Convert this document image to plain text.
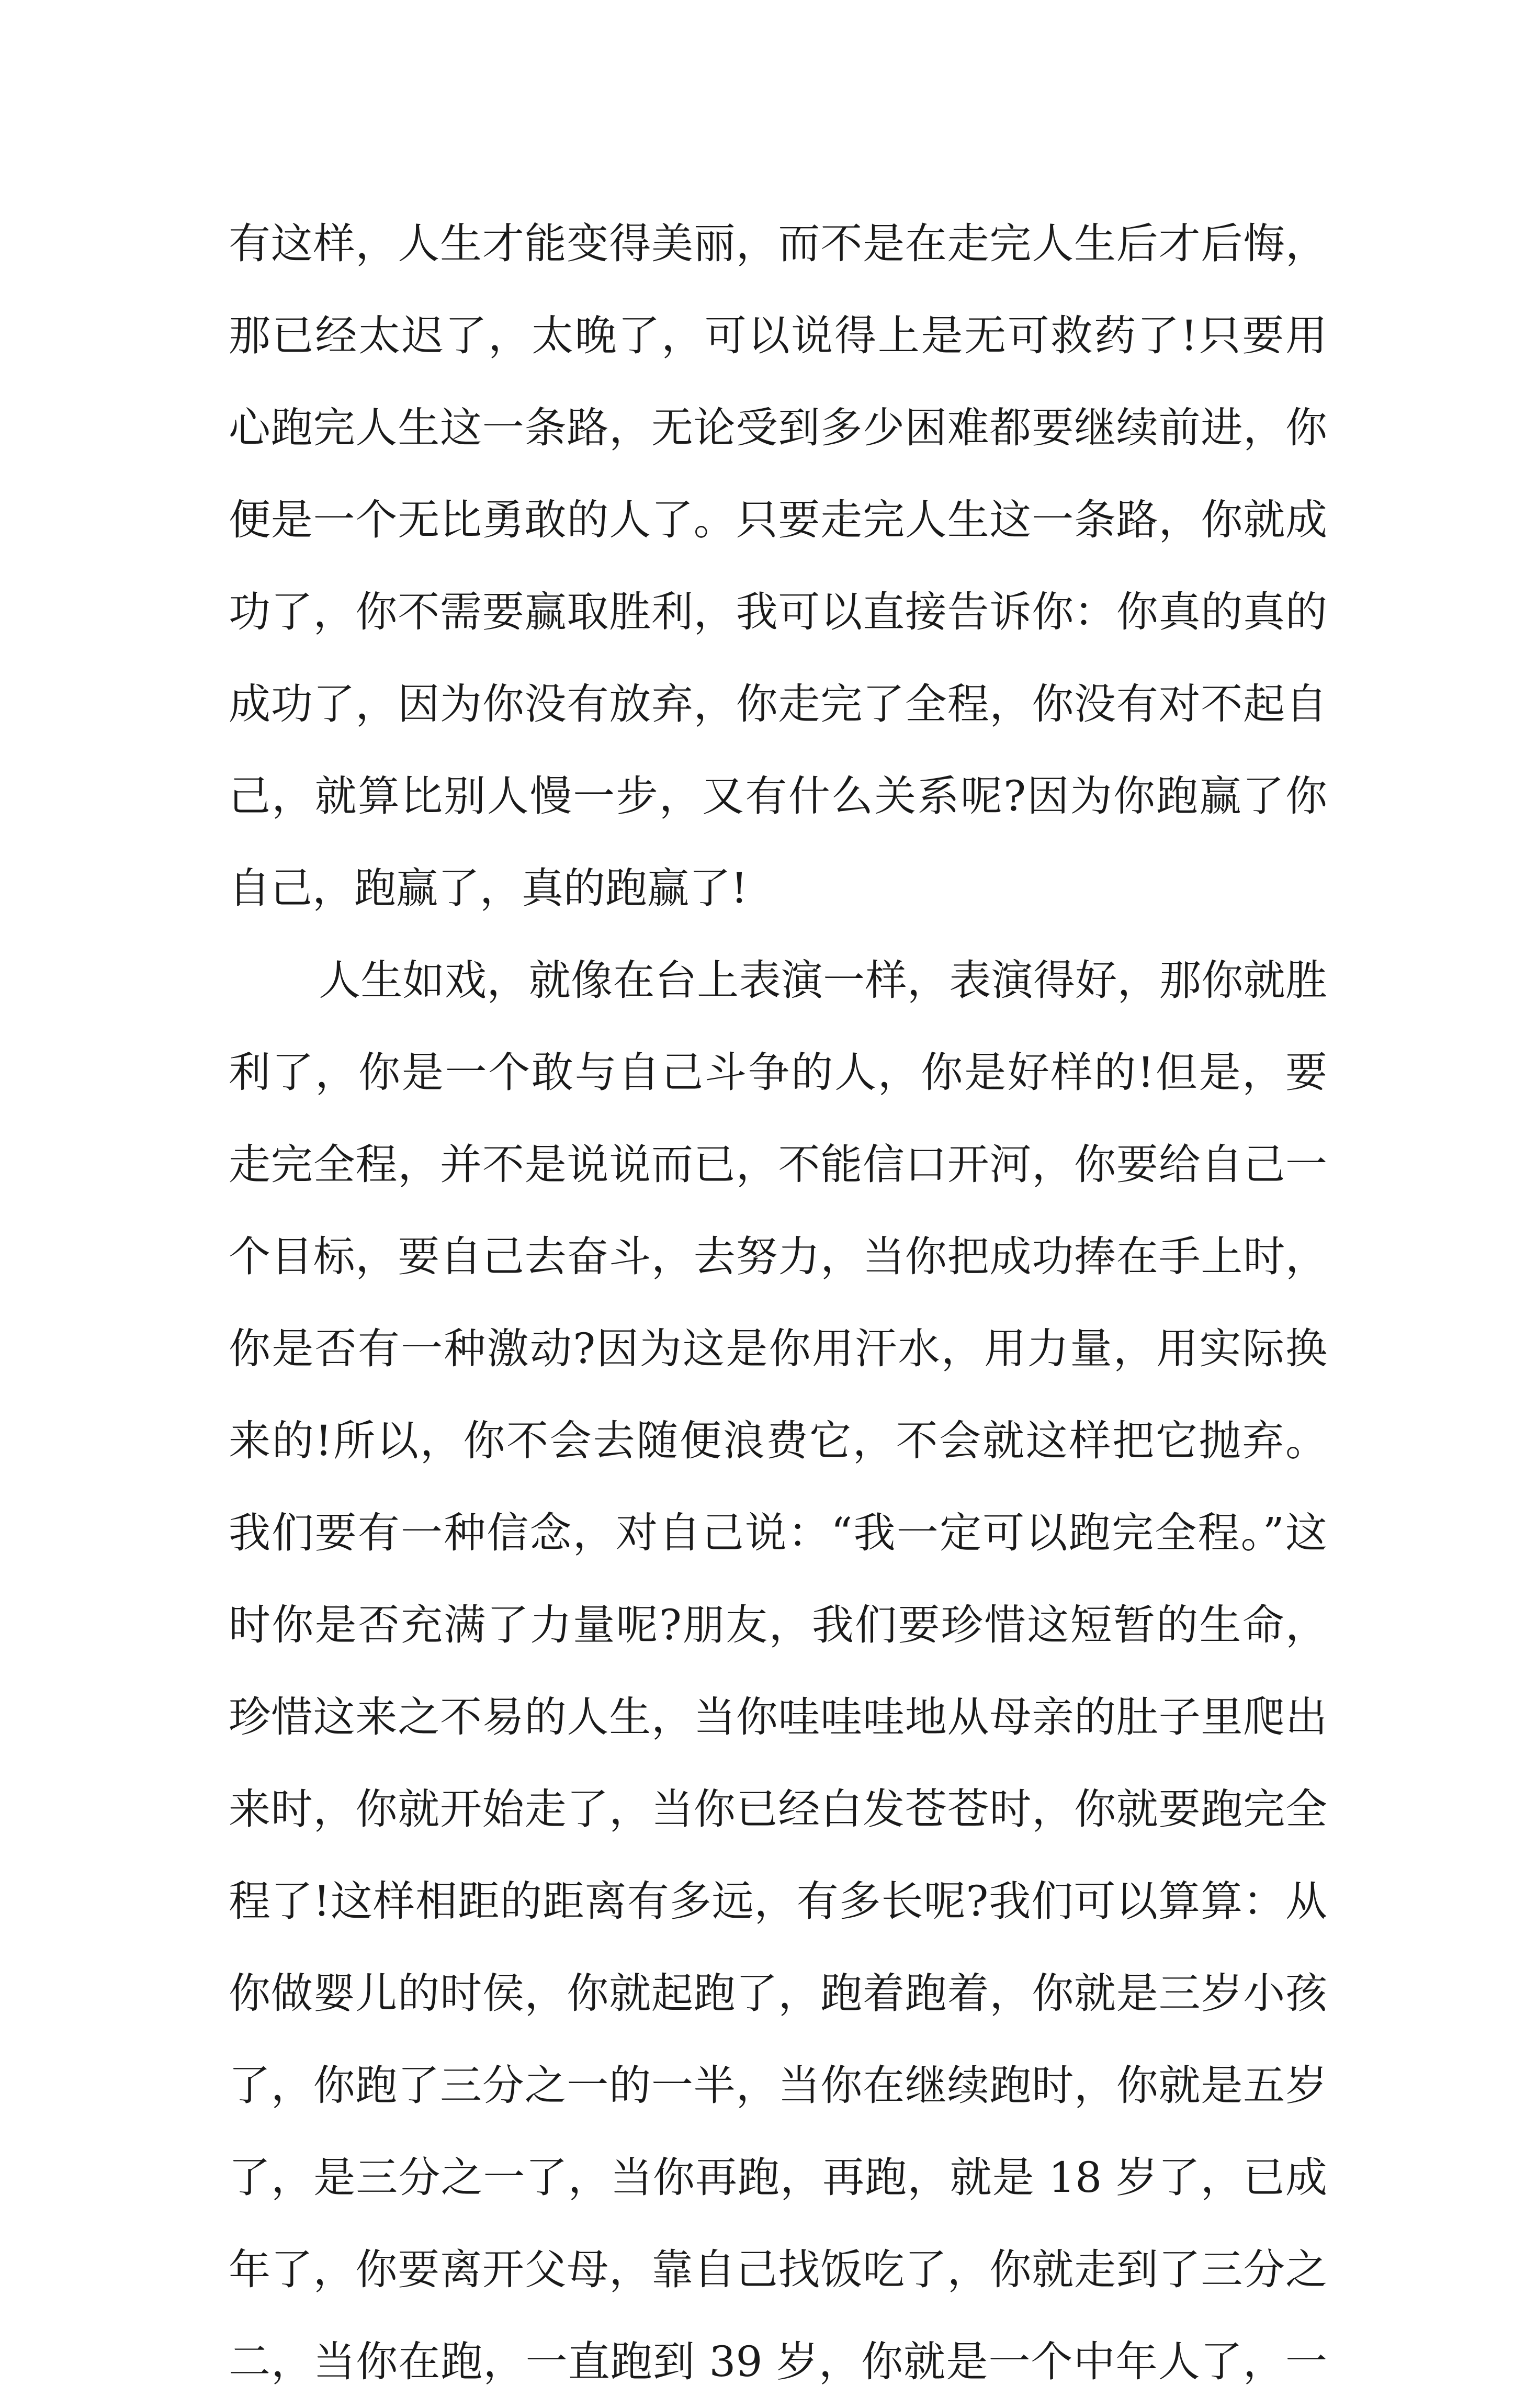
有这样，人生才能变得美丽，而不是在走完人生后才后悔，
那已经太迟了，太晚了，可以说得上是无可救药了!只要用
心跑完人生这一条路，无论受到多少困难都要继续前进，你
便是一个无比勇敢的人了。只要走完人生这一条路，你就成
功了，你不需要赢取胜利，我可以直接告诉你：你真的真的
成功了，因为你没有放弃，你走完了全程，你没有对不起自
己，就算比别人慢一步，又有什么关系呢?因为你跑赢了你
自己，跑赢了，真的跑赢了!
人生如戏，就像在台上表演一样，表演得好，那你就胜
利了，你是一个敢与自己斗争的人，你是好样的!但是，要
走完全程，并不是说说而已，不能信口开河，你要给自己一
个目标，要自己去奋斗，去努力，当你把成功捧在手上时，
你是否有一种激动?因为这是你用汗水，用力量，用实际换
来的!所以，你不会去随便浪费它，不会就这样把它抛弃。
我们要有一种信念，对自己说：“我一定可以跑完全程。”这
时你是否充满了力量呢?朋友，我们要珍惜这短暂的生命，
珍惜这来之不易的人生，当你哇哇哇地从母亲的肚子里爬出
来时，你就开始走了，当你已经白发苍苍时，你就要跑完全
程了!这样相距的距离有多远，有多长呢?我们可以算算：从
你做婴儿的时侯，你就起跑了，跑着跑着，你就是三岁小孩
了，你跑了三分之一的一半，当你在继续跑时，你就是五岁
了，是三分之一了，当你再跑，再跑，就是 18 岁了，已成
年了，你要离开父母，靠自己找饭吃了，你就走到了三分之
二，当你在跑，一直跑到 39 岁，你就是一个中年人了，一
